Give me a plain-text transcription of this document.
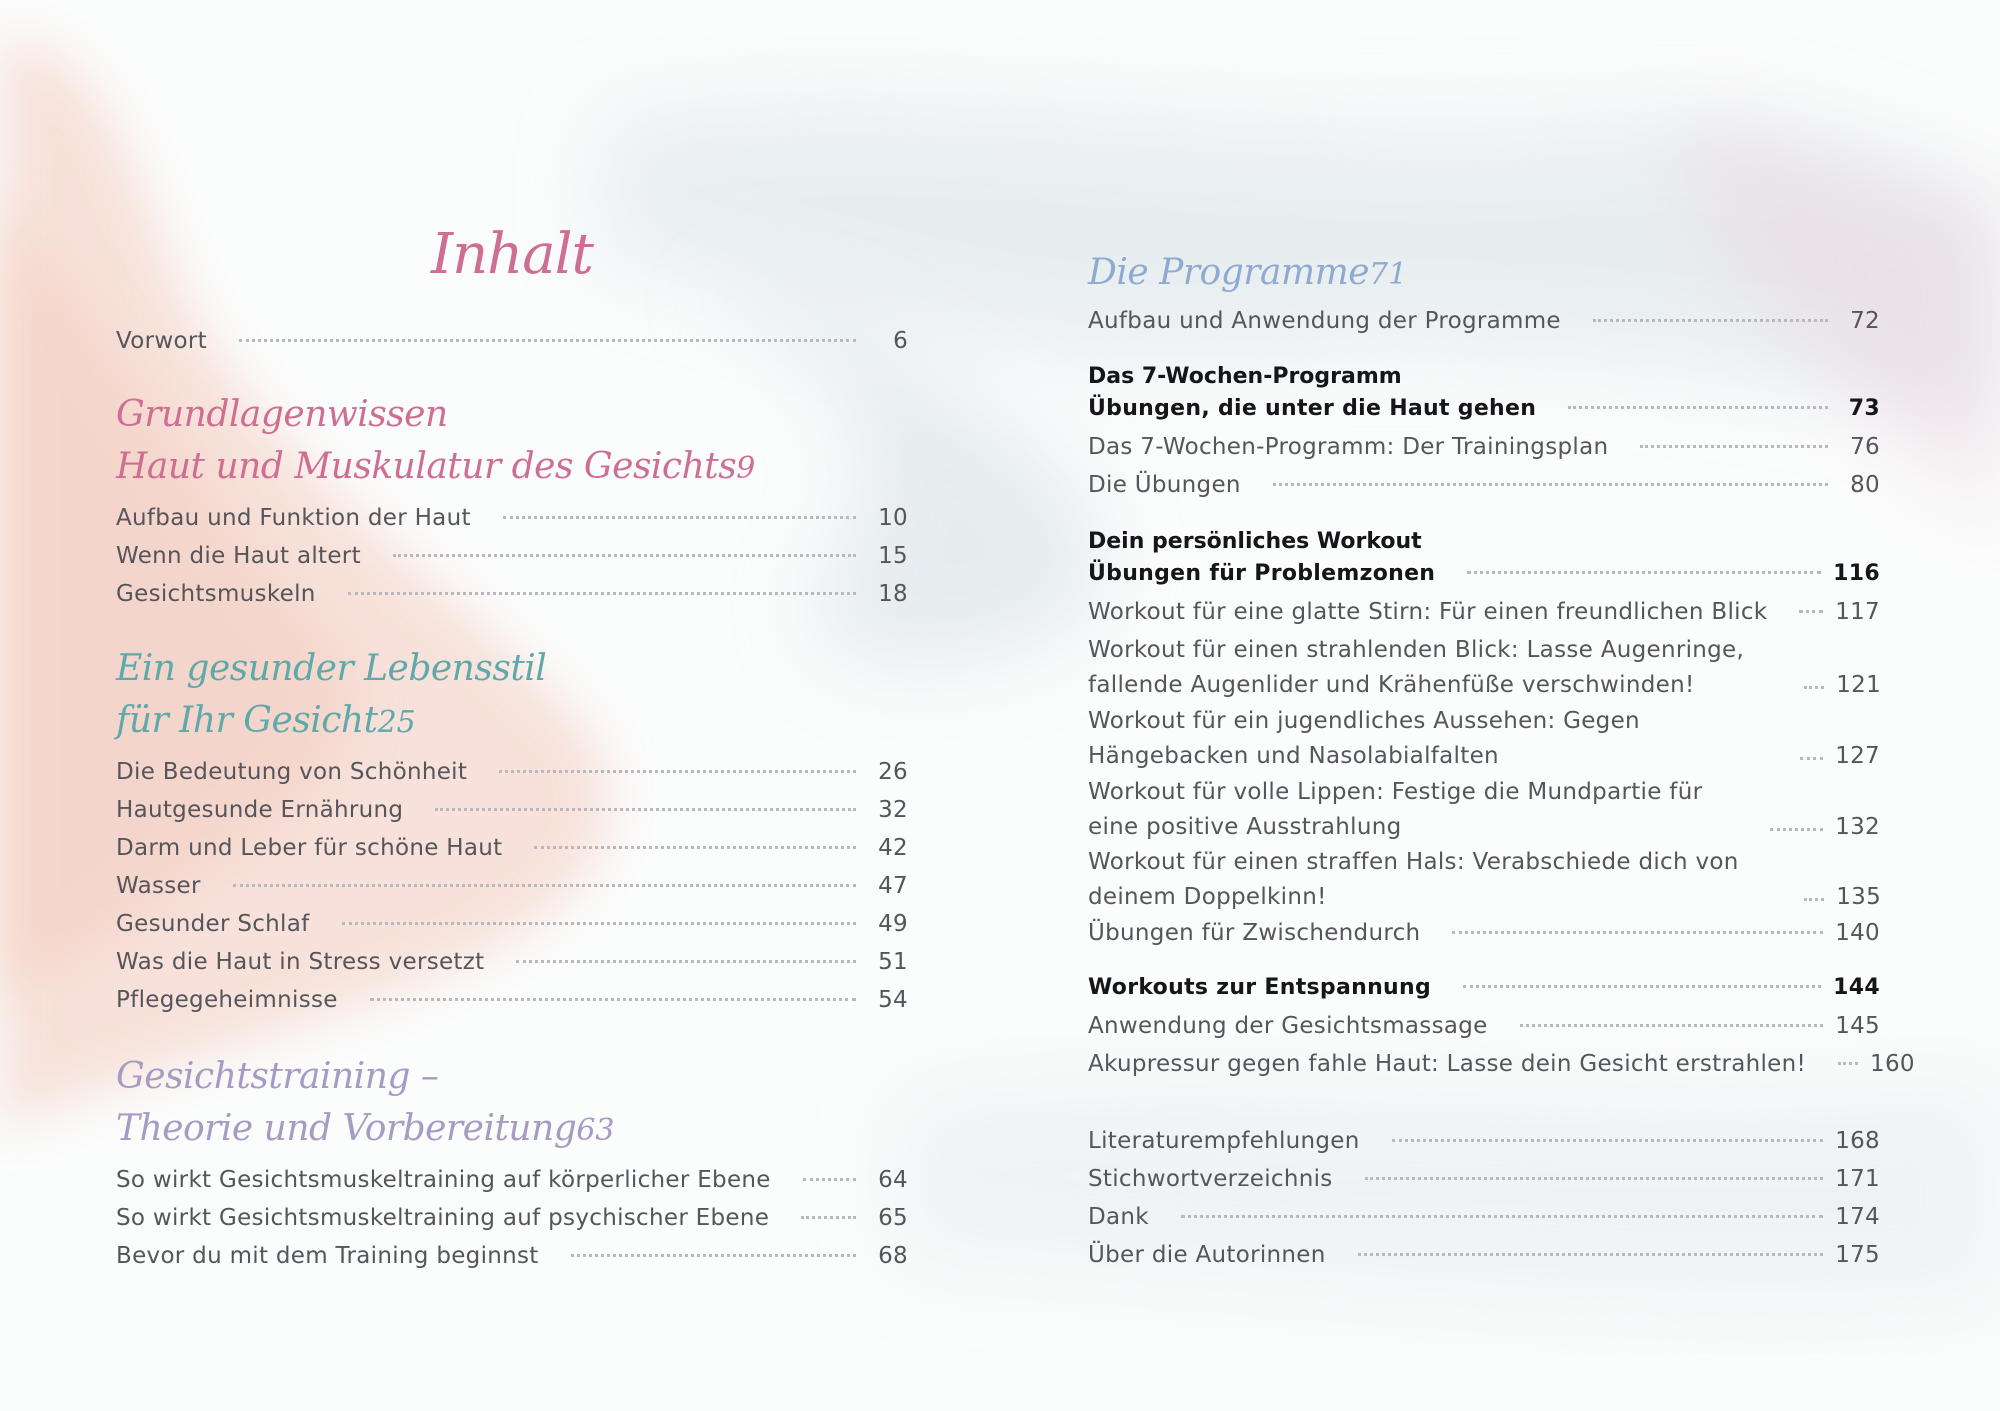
Inhalt
Vorwort	6
Grundlagenwissen
Haut und Muskulatur des Gesichts 9
Aufbau und Funktion der Haut	10
Wenn die Haut altert	15
Gesichtsmuskeln	18
Ein gesunder Lebensstil
für Ihr Gesicht 25
Die Bedeutung von Schönheit	26
Hautgesunde Ernährung	32
Darm und Leber für schöne Haut	42
Wasser	47
Gesunder Schlaf	49
Was die Haut in Stress versetzt	51
Pflegegeheimnisse	54
Gesichtstraining –
Theorie und Vorbereitung 63
So wirkt Gesichtsmuskeltraining auf körperlicher Ebene	64
So wirkt Gesichtsmuskeltraining auf psychischer Ebene	65
Bevor du mit dem Training beginnst	68
Die Programme 71
Aufbau und Anwendung der Programme	72
Das 7-Wochen-Programm
Übungen, die unter die Haut gehen	73
Das 7-Wochen-Programm: Der Trainingsplan	76
Die Übungen	80
Dein persönliches Workout
Übungen für Problemzonen	116
Workout für eine glatte Stirn: Für einen freundlichen Blick	117
Workout für einen strahlenden Blick: Lasse Augenringe, fallende Augenlider und Krähenfüße verschwinden!	121
Workout für ein jugendliches Aussehen: Gegen Hängebacken und Nasolabialfalten	127
Workout für volle Lippen: Festige die Mundpartie für eine positive Ausstrahlung	132
Workout für einen straffen Hals: Verabschiede dich von deinem Doppelkinn!	135
Übungen für Zwischendurch	140
Workouts zur Entspannung	144
Anwendung der Gesichtsmassage	145
Akupressur gegen fahle Haut: Lasse dein Gesicht erstrahlen!	160
Literaturempfehlungen	168
Stichwortverzeichnis	171
Dank	174
Über die Autorinnen	175
